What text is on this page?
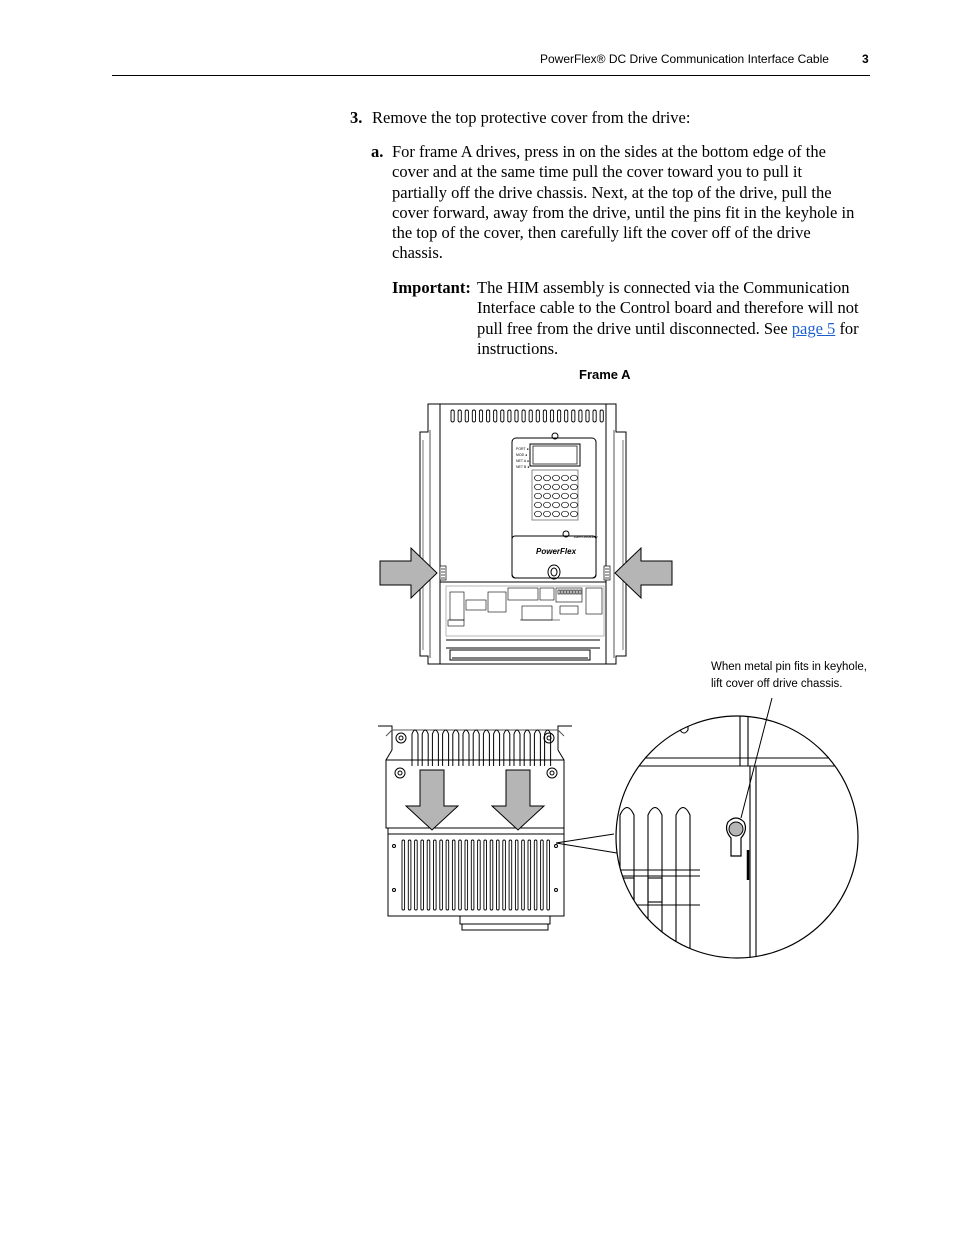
PowerFlex® DC Drive Communication Interface Cable	3
3. Remove the top protective cover from the drive:
a. For frame A drives, press in on the sides at the bottom edge of the
cover and at the same time pull the cover toward you to pull it
partially off the drive chassis. Next, at the top of the drive, pull the
cover forward, away from the drive, until the pins fit in the keyhole in
the top of the cover, then carefully lift the cover off of the drive
chassis.
Important: The HIM assembly is connected via the Communication
Interface cable to the Control board and therefore will not
pull free from the drive until disconnected. See page 5 for
instructions.
Frame A
When metal pin fits in keyhole,
lift cover off drive chassis.
PORT ●
MOD ●
NET A ●
NET B ●
PowerFlex
Allen-Bradley
